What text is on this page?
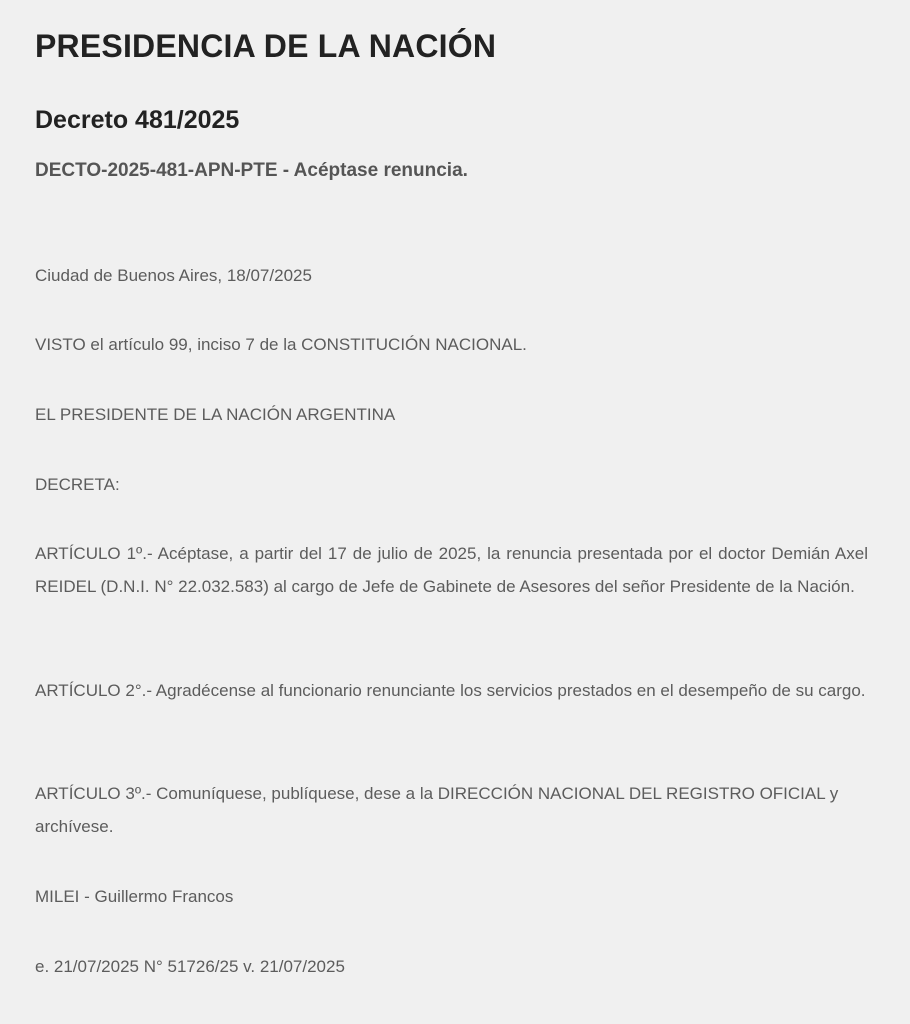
PRESIDENCIA DE LA NACIÓN
Decreto 481/2025
DECTO-2025-481-APN-PTE - Acéptase renuncia.

Ciudad de Buenos Aires, 18/07/2025

VISTO el artículo 99, inciso 7 de la CONSTITUCIÓN NACIONAL.

EL PRESIDENTE DE LA NACIÓN ARGENTINA

DECRETA:

ARTÍCULO 1º.- Acéptase, a partir del 17 de julio de 2025, la renuncia presentada por el doctor Demián Axel REIDEL (D.N.I. N° 22.032.583) al cargo de Jefe de Gabinete de Asesores del señor Presidente de la Nación.

ARTÍCULO 2°.- Agradécense al funcionario renunciante los servicios prestados en el desempeño de su cargo.

ARTÍCULO 3º.- Comuníquese, publíquese, dese a la DIRECCIÓN NACIONAL DEL REGISTRO OFICIAL y archívese.

MILEI - Guillermo Francos

e. 21/07/2025 N° 51726/25 v. 21/07/2025
